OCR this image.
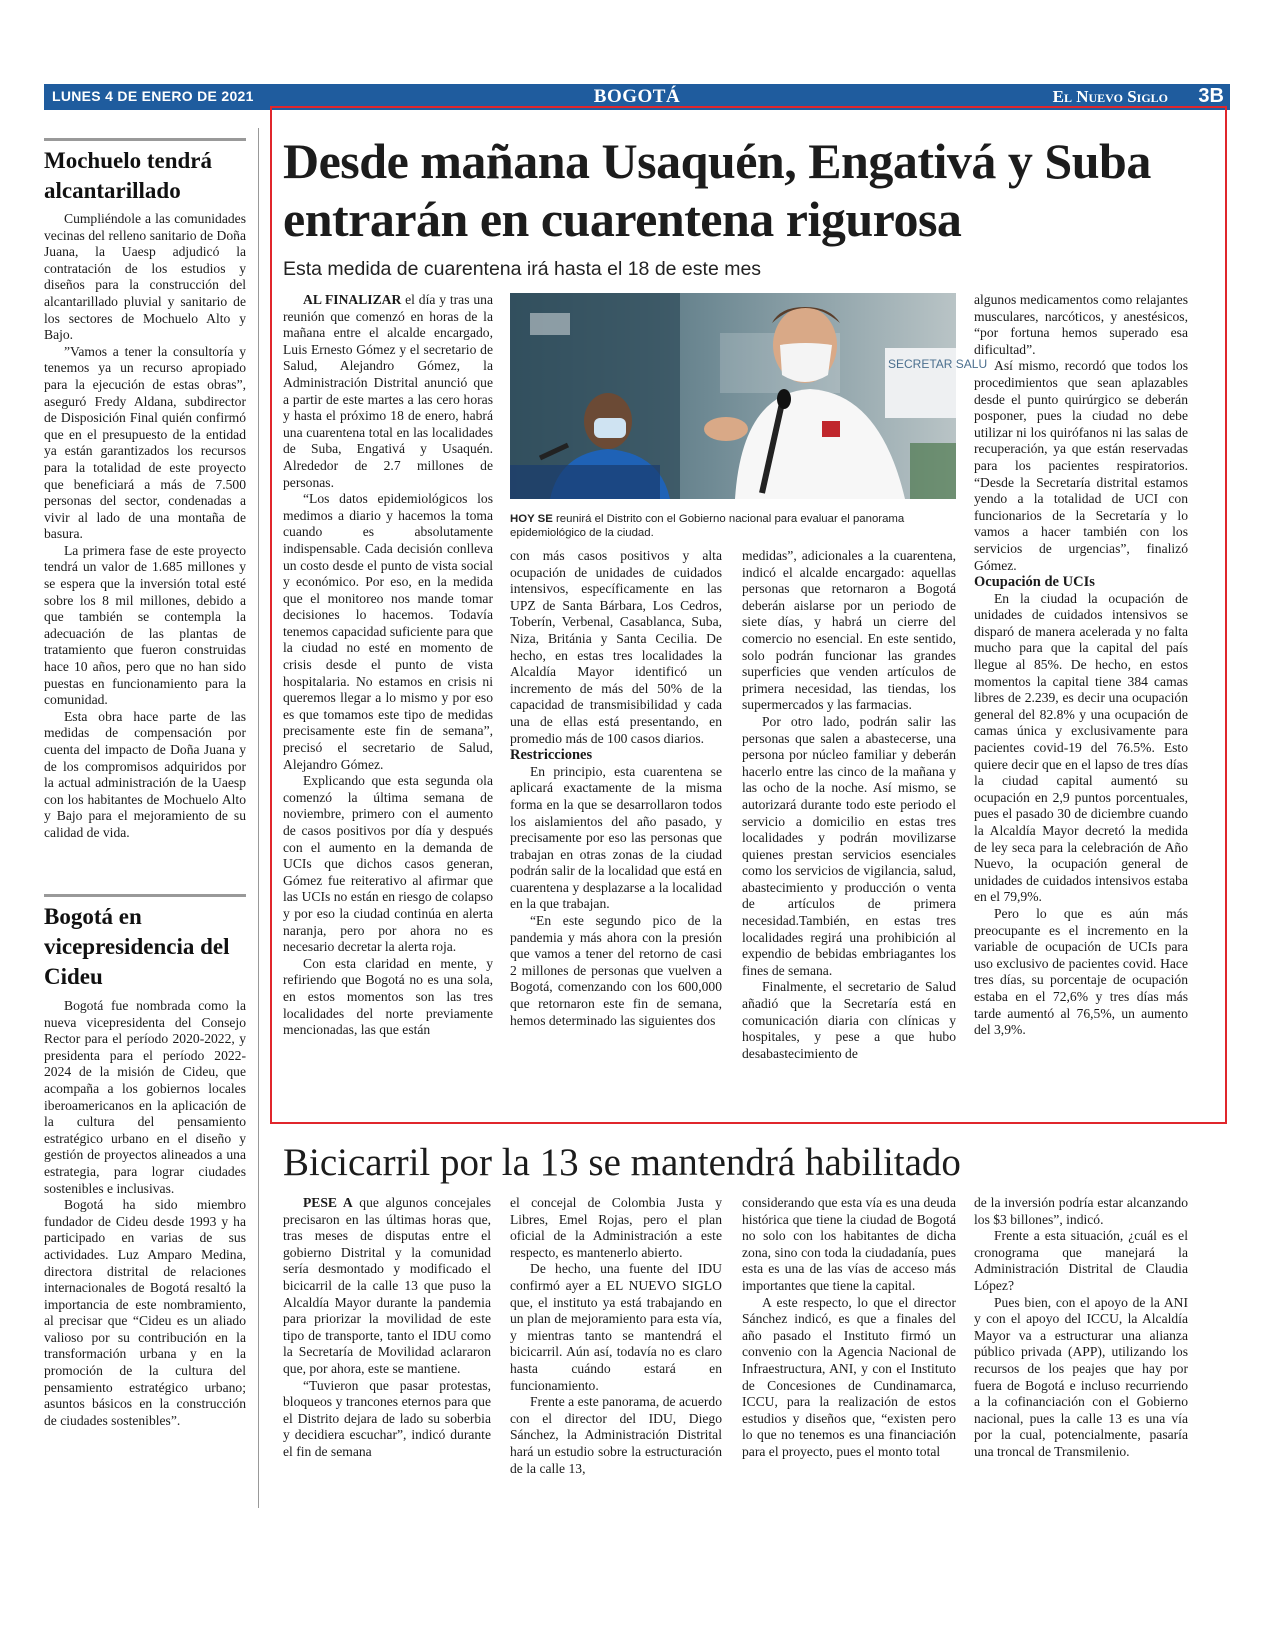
LUNES 4 DE ENERO DE 2021	BOGOTÁ	El Nuevo Siglo 3B
Mochuelo tendrá alcantarillado

Cumpliéndole a las comunidades vecinas del relleno sanitario de Doña Juana, la Uaesp adjudicó la contratación de los estudios y diseños para la construcción del alcantarillado pluvial y sanitario de los sectores de Mochuelo Alto y Bajo.

”Vamos a tener la consultoría y tenemos ya un recurso apropiado para la ejecución de estas obras”, aseguró Fredy Aldana, subdirector de Disposición Final quién confirmó que en el presupuesto de la entidad ya están garantizados los recursos para la totalidad de este proyecto que beneficiará a más de 7.500 personas del sector, condenadas a vivir al lado de una montaña de basura.

La primera fase de este proyecto tendrá un valor de 1.685 millones y se espera que la inversión total esté sobre los 8 mil millones, debido a que también se contempla la adecuación de las plantas de tratamiento que fueron construidas hace 10 años, pero que no han sido puestas en funcionamiento para la comunidad.

Esta obra hace parte de las medidas de compensación por cuenta del impacto de Doña Juana y de los compromisos adquiridos por la actual administración de la Uaesp con los habitantes de Mochuelo Alto y Bajo para el mejoramiento de su calidad de vida.

Bogotá en vicepresidencia del Cideu

Bogotá fue nombrada como la nueva vicepresidenta del Consejo Rector para el período 2020-2022, y presidenta para el período 2022-2024 de la misión de Cideu, que acompaña a los gobiernos locales iberoamericanos en la aplicación de la cultura del pensamiento estratégico urbano en el diseño y gestión de proyectos alineados a una estrategia, para lograr ciudades sostenibles e inclusivas.

Bogotá ha sido miembro fundador de Cideu desde 1993 y ha participado en varias de sus actividades. Luz Amparo Medina, directora distrital de relaciones internacionales de Bogotá resaltó la importancia de este nombramiento, al precisar que “Cideu es un aliado valioso por su contribución en la transformación urbana y en la promoción de la cultura del pensamiento estratégico urbano; asuntos básicos en la construcción de ciudades sostenibles”.

Desde mañana Usaquén, Engativá y Suba entrarán en cuarentena rigurosa
Esta medida de cuarentena irá hasta el 18 de este mes

AL FINALIZAR el día y tras una reunión que comenzó en horas de la mañana entre el alcalde encargado, Luis Ernesto Gómez y el secretario de Salud, Alejandro Gómez, la Administración Distrital anunció que a partir de este martes a las cero horas y hasta el próximo 18 de enero, habrá una cuarentena total en las localidades de Suba, Engativá y Usaquén. Alrededor de 2.7 millones de personas.

“Los datos epidemiológicos los medimos a diario y hacemos la toma cuando es absolutamente indispensable. Cada decisión conlleva un costo desde el punto de vista social y económico. Por eso, en la medida que el monitoreo nos mande tomar decisiones lo hacemos. Todavía tenemos capacidad suficiente para que la ciudad no esté en momento de crisis desde el punto de vista hospitalaria. No estamos en crisis ni queremos llegar a lo mismo y por eso es que tomamos este tipo de medidas precisamente este fin de semana”, precisó el secretario de Salud, Alejandro Gómez.

Explicando que esta segunda ola comenzó la última semana de noviembre, primero con el aumento de casos positivos por día y después con el aumento en la demanda de UCIs que dichos casos generan, Gómez fue reiterativo al afirmar que las UCIs no están en riesgo de colapso y por eso la ciudad continúa en alerta naranja, pero por ahora no es necesario decretar la alerta roja.

Con esta claridad en mente, y refiriendo que Bogotá no es una sola, en estos momentos son las tres localidades del norte previamente mencionadas, las que están

SECRETAR SALU
HOY SE reunirá el Distrito con el Gobierno nacional para evaluar el panorama epidemiológico de la ciudad.

con más casos positivos y alta ocupación de unidades de cuidados intensivos, específicamente en las UPZ de Santa Bárbara, Los Cedros, Toberín, Verbenal, Casablanca, Suba, Niza, Británia y Santa Cecilia. De hecho, en estas tres localidades la Alcaldía Mayor identificó un incremento de más del 50% de la capacidad de transmisibilidad y cada una de ellas está presentando, en promedio más de 100 casos diarios.

Restricciones

En principio, esta cuarentena se aplicará exactamente de la misma forma en la que se desarrollaron todos los aislamientos del año pasado, y precisamente por eso las personas que trabajan en otras zonas de la ciudad podrán salir de la localidad que está en cuarentena y desplazarse a la localidad en la que trabajan.

“En este segundo pico de la pandemia y más ahora con la presión que vamos a tener del retorno de casi 2 millones de personas que vuelven a Bogotá, comenzando con los 600,000 que retornaron este fin de semana, hemos determinado las siguientes dos

medidas”, adicionales a la cuarentena, indicó el alcalde encargado: aquellas personas que retornaron a Bogotá deberán aislarse por un periodo de siete días, y habrá un cierre del comercio no esencial. En este sentido, solo podrán funcionar las grandes superficies que venden artículos de primera necesidad, las tiendas, los supermercados y las farmacias.

Por otro lado, podrán salir las personas que salen a abastecerse, una persona por núcleo familiar y deberán hacerlo entre las cinco de la mañana y las ocho de la noche. Así mismo, se autorizará durante todo este periodo el servicio a domicilio en estas tres localidades y podrán movilizarse quienes prestan servicios esenciales como los servicios de vigilancia, salud, abastecimiento y producción o venta de artículos de primera necesidad.También, en estas tres localidades regirá una prohibición al expendio de bebidas embriagantes los fines de semana.

Finalmente, el secretario de Salud añadió que la Secretaría está en comunicación diaria con clínicas y hospitales, y pese a que hubo desabastecimiento de

algunos medicamentos como relajantes musculares, narcóticos, y anestésicos, “por fortuna hemos superado esa dificultad”.

Así mismo, recordó que todos los procedimientos que sean aplazables desde el punto quirúrgico se deberán posponer, pues la ciudad no debe utilizar ni los quirófanos ni las salas de recuperación, ya que están reservadas para los pacientes respiratorios. “Desde la Secretaría distrital estamos yendo a la totalidad de UCI con funcionarios de la Secretaría y lo vamos a hacer también con los servicios de urgencias”, finalizó Gómez.

Ocupación de UCIs

En la ciudad la ocupación de unidades de cuidados intensivos se disparó de manera acelerada y no falta mucho para que la capital del país llegue al 85%. De hecho, en estos momentos la capital tiene 384 camas libres de 2.239, es decir una ocupación general del 82.8% y una ocupación de camas única y exclusivamente para pacientes covid-19 del 76.5%. Esto quiere decir que en el lapso de tres días la ciudad capital aumentó su ocupación en 2,9 puntos porcentuales, pues el pasado 30 de diciembre cuando la Alcaldía Mayor decretó la medida de ley seca para la celebración de Año Nuevo, la ocupación general de unidades de cuidados intensivos estaba en el 79,9%.

Pero lo que es aún más preocupante es el incremento en la variable de ocupación de UCIs para uso exclusivo de pacientes covid. Hace tres días, su porcentaje de ocupación estaba en el 72,6% y tres días más tarde aumentó al 76,5%, un aumento del 3,9%.

Bicicarril por la 13 se mantendrá habilitado

PESE A que algunos concejales precisaron en las últimas horas que, tras meses de disputas entre el gobierno Distrital y la comunidad sería desmontado y modificado el bicicarril de la calle 13 que puso la Alcaldía Mayor durante la pandemia para priorizar la movilidad de este tipo de transporte, tanto el IDU como la Secretaría de Movilidad aclararon que, por ahora, este se mantiene.

“Tuvieron que pasar protestas, bloqueos y trancones eternos para que el Distrito dejara de lado su soberbia y decidiera escuchar”, indicó durante el fin de semana

el concejal de Colombia Justa y Libres, Emel Rojas, pero el plan oficial de la Administración a este respecto, es mantenerlo abierto.

De hecho, una fuente del IDU confirmó ayer a EL NUEVO SIGLO que, el instituto ya está trabajando en un plan de mejoramiento para esta vía, y mientras tanto se mantendrá el bicicarril. Aún así, todavía no es claro hasta cuándo estará en funcionamiento.

Frente a este panorama, de acuerdo con el director del IDU, Diego Sánchez, la Administración Distrital hará un estudio sobre la estructuración de la calle 13,

considerando que esta vía es una deuda histórica que tiene la ciudad de Bogotá no solo con los habitantes de dicha zona, sino con toda la ciudadanía, pues esta es una de las vías de acceso más importantes que tiene la capital.

A este respecto, lo que el director Sánchez indicó, es que a finales del año pasado el Instituto firmó un convenio con la Agencia Nacional de Infraestructura, ANI, y con el Instituto de Concesiones de Cundinamarca, ICCU, para la realización de estos estudios y diseños que, “existen pero lo que no tenemos es una financiación para el proyecto, pues el monto total

de la inversión podría estar alcanzando los $3 billones”, indicó.

Frente a esta situación, ¿cuál es el cronograma que manejará la Administración Distrital de Claudia López?

Pues bien, con el apoyo de la ANI y con el apoyo del ICCU, la Alcaldía Mayor va a estructurar una alianza público privada (APP), utilizando los recursos de los peajes que hay por fuera de Bogotá e incluso recurriendo a la cofinanciación con el Gobierno nacional, pues la calle 13 es una vía por la cual, potencialmente, pasaría una troncal de Transmilenio.
